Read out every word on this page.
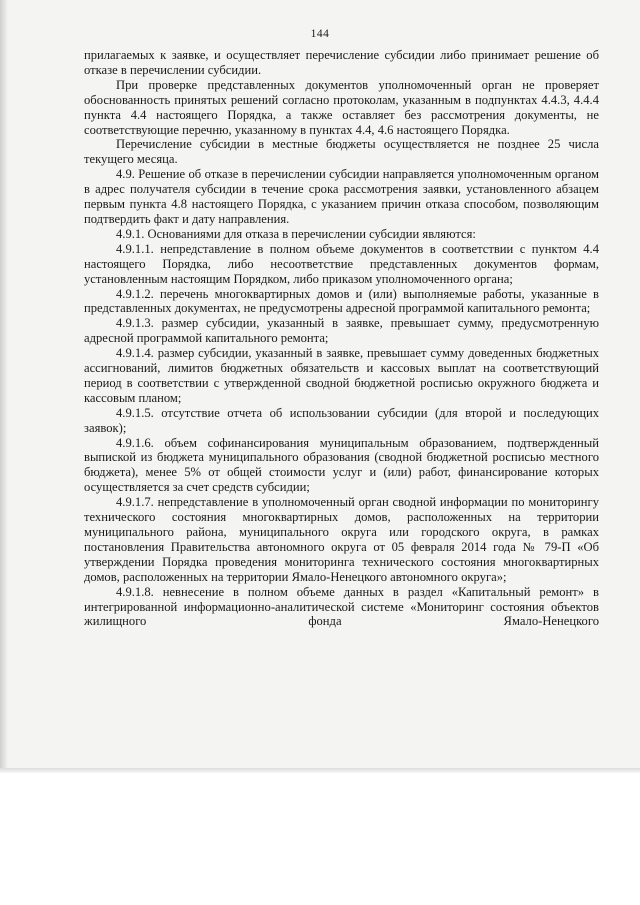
144

прилагаемых к заявке, и осуществляет перечисление субсидии либо принимает решение об отказе в перечислении субсидии.

При проверке представленных документов уполномоченный орган не проверяет обоснованность принятых решений согласно протоколам, указанным в подпунктах 4.4.3, 4.4.4 пункта 4.4 настоящего Порядка, а также оставляет без рассмотрения документы, не соответствующие перечню, указанному в пунктах 4.4, 4.6 настоящего Порядка.

Перечисление субсидии в местные бюджеты осуществляется не позднее 25 числа текущего месяца.

4.9. Решение об отказе в перечислении субсидии направляется уполномоченным органом в адрес получателя субсидии в течение срока рассмотрения заявки, установленного абзацем первым пункта 4.8 настоящего Порядка, с указанием причин отказа способом, позволяющим подтвердить факт и дату направления.

4.9.1. Основаниями для отказа в перечислении субсидии являются:

4.9.1.1. непредставление в полном объеме документов в соответствии с пунктом 4.4 настоящего Порядка, либо несоответствие представленных документов формам, установленным настоящим Порядком, либо приказом уполномоченного органа;

4.9.1.2. перечень многоквартирных домов и (или) выполняемые работы, указанные в представленных документах, не предусмотрены адресной программой капитального ремонта;

4.9.1.3. размер субсидии, указанный в заявке, превышает сумму, предусмотренную адресной программой капитального ремонта;

4.9.1.4. размер субсидии, указанный в заявке, превышает сумму доведенных бюджетных ассигнований, лимитов бюджетных обязательств и кассовых выплат на соответствующий период в соответствии с утвержденной сводной бюджетной росписью окружного бюджета и кассовым планом;

4.9.1.5. отсутствие отчета об использовании субсидии (для второй и последующих заявок);

4.9.1.6. объем софинансирования муниципальным образованием, подтвержденный выпиской из бюджета муниципального образования (сводной бюджетной росписью местного бюджета), менее 5% от общей стоимости услуг и (или) работ, финансирование которых осуществляется за счет средств субсидии;

4.9.1.7. непредставление в уполномоченный орган сводной информации по мониторингу технического состояния многоквартирных домов, расположенных на территории муниципального района, муниципального округа или городского округа, в рамках постановления Правительства автономного округа от 05 февраля 2014 года № 79-П «Об утверждении Порядка проведения мониторинга технического состояния многоквартирных домов, расположенных на территории Ямало-Ненецкого автономного округа»;

4.9.1.8. невнесение в полном объеме данных в раздел «Капитальный ремонт» в интегрированной информационно-аналитической системе «Мониторинг состояния объектов жилищного фонда Ямало-Ненецкого
